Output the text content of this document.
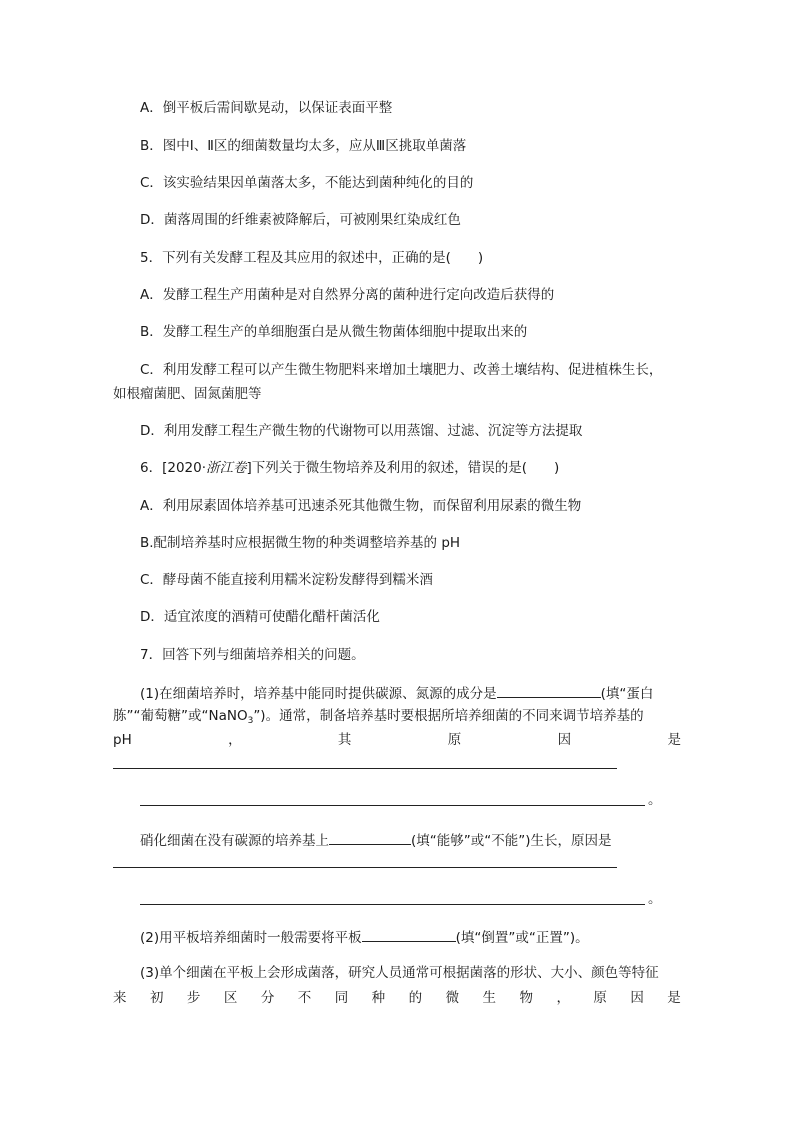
A．倒平板后需间歇晃动，以保证表面平整
B．图中Ⅰ、Ⅱ区的细菌数量均太多，应从Ⅲ区挑取单菌落
C．该实验结果因单菌落太多，不能达到菌种纯化的目的
D．菌落周围的纤维素被降解后，可被刚果红染成红色
5．下列有关发酵工程及其应用的叙述中，正确的是(　　)
A．发酵工程生产用菌种是对自然界分离的菌种进行定向改造后获得的
B．发酵工程生产的单细胞蛋白是从微生物菌体细胞中提取出来的
C．利用发酵工程可以产生微生物肥料来增加土壤肥力、改善土壤结构、促进植株生长，
如根瘤菌肥、固氮菌肥等
D．利用发酵工程生产微生物的代谢物可以用蒸馏、过滤、沉淀等方法提取
6．[2020·浙江卷]下列关于微生物培养及利用的叙述，错误的是(　　)
A．利用尿素固体培养基可迅速杀死其他微生物，而保留利用尿素的微生物
B.配制培养基时应根据微生物的种类调整培养基的 pH
C．酵母菌不能直接利用糯米淀粉发酵得到糯米酒
D．适宜浓度的酒精可使醋化醋杆菌活化
7．回答下列与细菌培养相关的问题。
(1)在细菌培养时，培养基中能同时提供碳源、氮源的成分是	(填“蛋白
胨”“葡萄糖”或“NaNO$_3$”)。通常，制备培养基时要根据所培养细菌的不同来调节培养基的
pH	，	其	原	因	是
。
硝化细菌在没有碳源的培养基上	(填“能够”或“不能”)生长，原因是
。
(2)用平板培养细菌时一般需要将平板	(填“倒置”或“正置”)。
(3)单个细菌在平板上会形成菌落，研究人员通常可根据菌落的形状、大小、颜色等特征
来 初 步 区 分 不 同 种 的 微 生 物 ， 原 因 是
